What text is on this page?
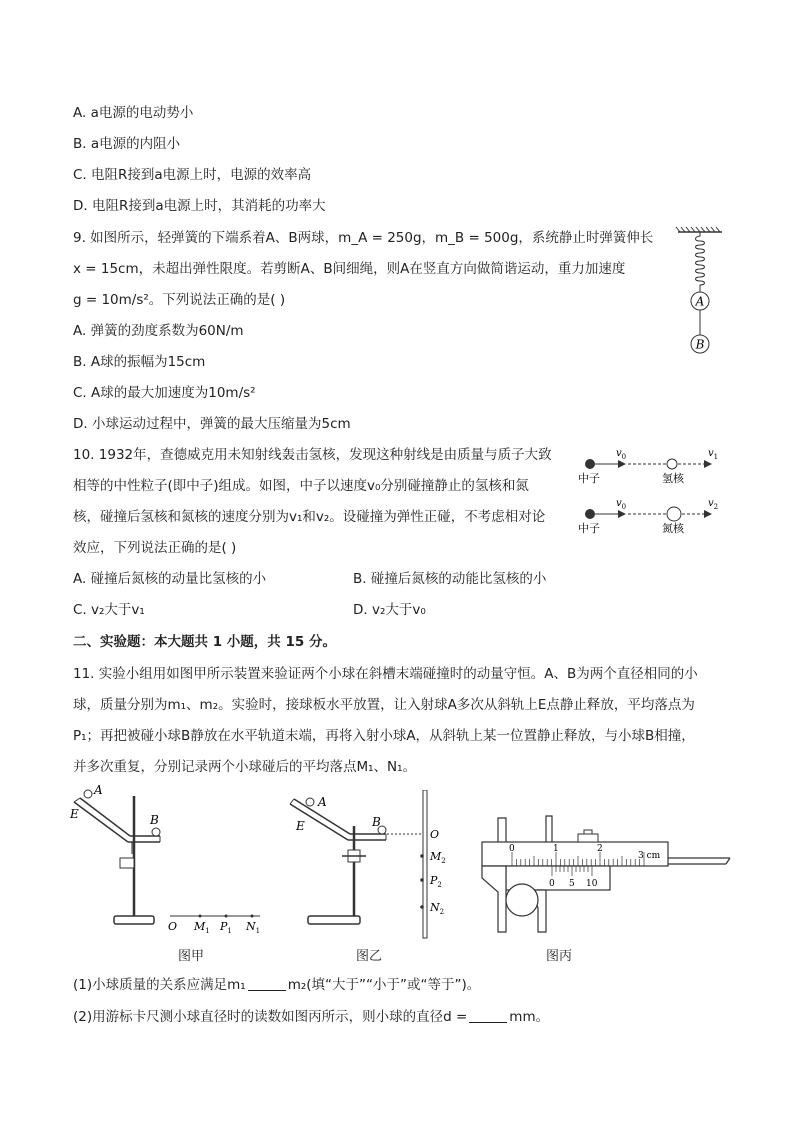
A. a电源的电动势小
B. a电源的内阻小
C. 电阻R接到a电源上时，电源的效率高
D. 电阻R接到a电源上时，其消耗的功率大
9. 如图所示，轻弹簧的下端系着A、B两球，m_A = 250g，m_B = 500g，系统静止时弹簧伸长
x = 15cm，未超出弹性限度。若剪断A、B间细绳，则A在竖直方向做简谐运动，重力加速度
g = 10m/s²。下列说法正确的是( )
A. 弹簧的劲度系数为60N/m
B. A球的振幅为15cm
C. A球的最大加速度为10m/s²
D. 小球运动过程中，弹簧的最大压缩量为5cm
A
B
10. 1932年，查德威克用未知射线轰击氢核，发现这种射线是由质量与质子大致
相等的中性粒子(即中子)组成。如图，中子以速度v₀分别碰撞静止的氢核和氮
核，碰撞后氢核和氮核的速度分别为v₁和v₂。设碰撞为弹性正碰，不考虑相对论
效应，下列说法正确的是( )
A. 碰撞后氮核的动量比氢核的小	B. 碰撞后氮核的动能比氢核的小
C. v₂大于v₁	D. v₂大于v₀
$v_0$	$v_1$
中子	氢核
$v_0$	$v_2$
中子	氮核
二、实验题：本大题共 1 小题，共 15 分。
11. 实验小组用如图甲所示装置来验证两个小球在斜槽末端碰撞时的动量守恒。A、B为两个直径相同的小
球，质量分别为m₁、m₂。实验时，接球板水平放置，让入射球A多次从斜轨上E点静止释放，平均落点为
P₁；再把被碰小球B静放在水平轨道末端，再将入射小球A，从斜轨上某一位置静止释放，与小球B相撞，
并多次重复，分别记录两个小球碰后的平均落点M₁、N₁。
A
E	B
O $M_1$ $P_1$ $N_1$
图甲
A
E	B
O
$M_2$
$P_2$
$N_2$
图乙
0	1	2
3 cm
0 5 10
图丙
(1)小球质量的关系应满足m₁	m₂(填“大于”“小于”或“等于”)。
(2)用游标卡尺测小球直径时的读数如图丙所示，则小球的直径d =	mm。
